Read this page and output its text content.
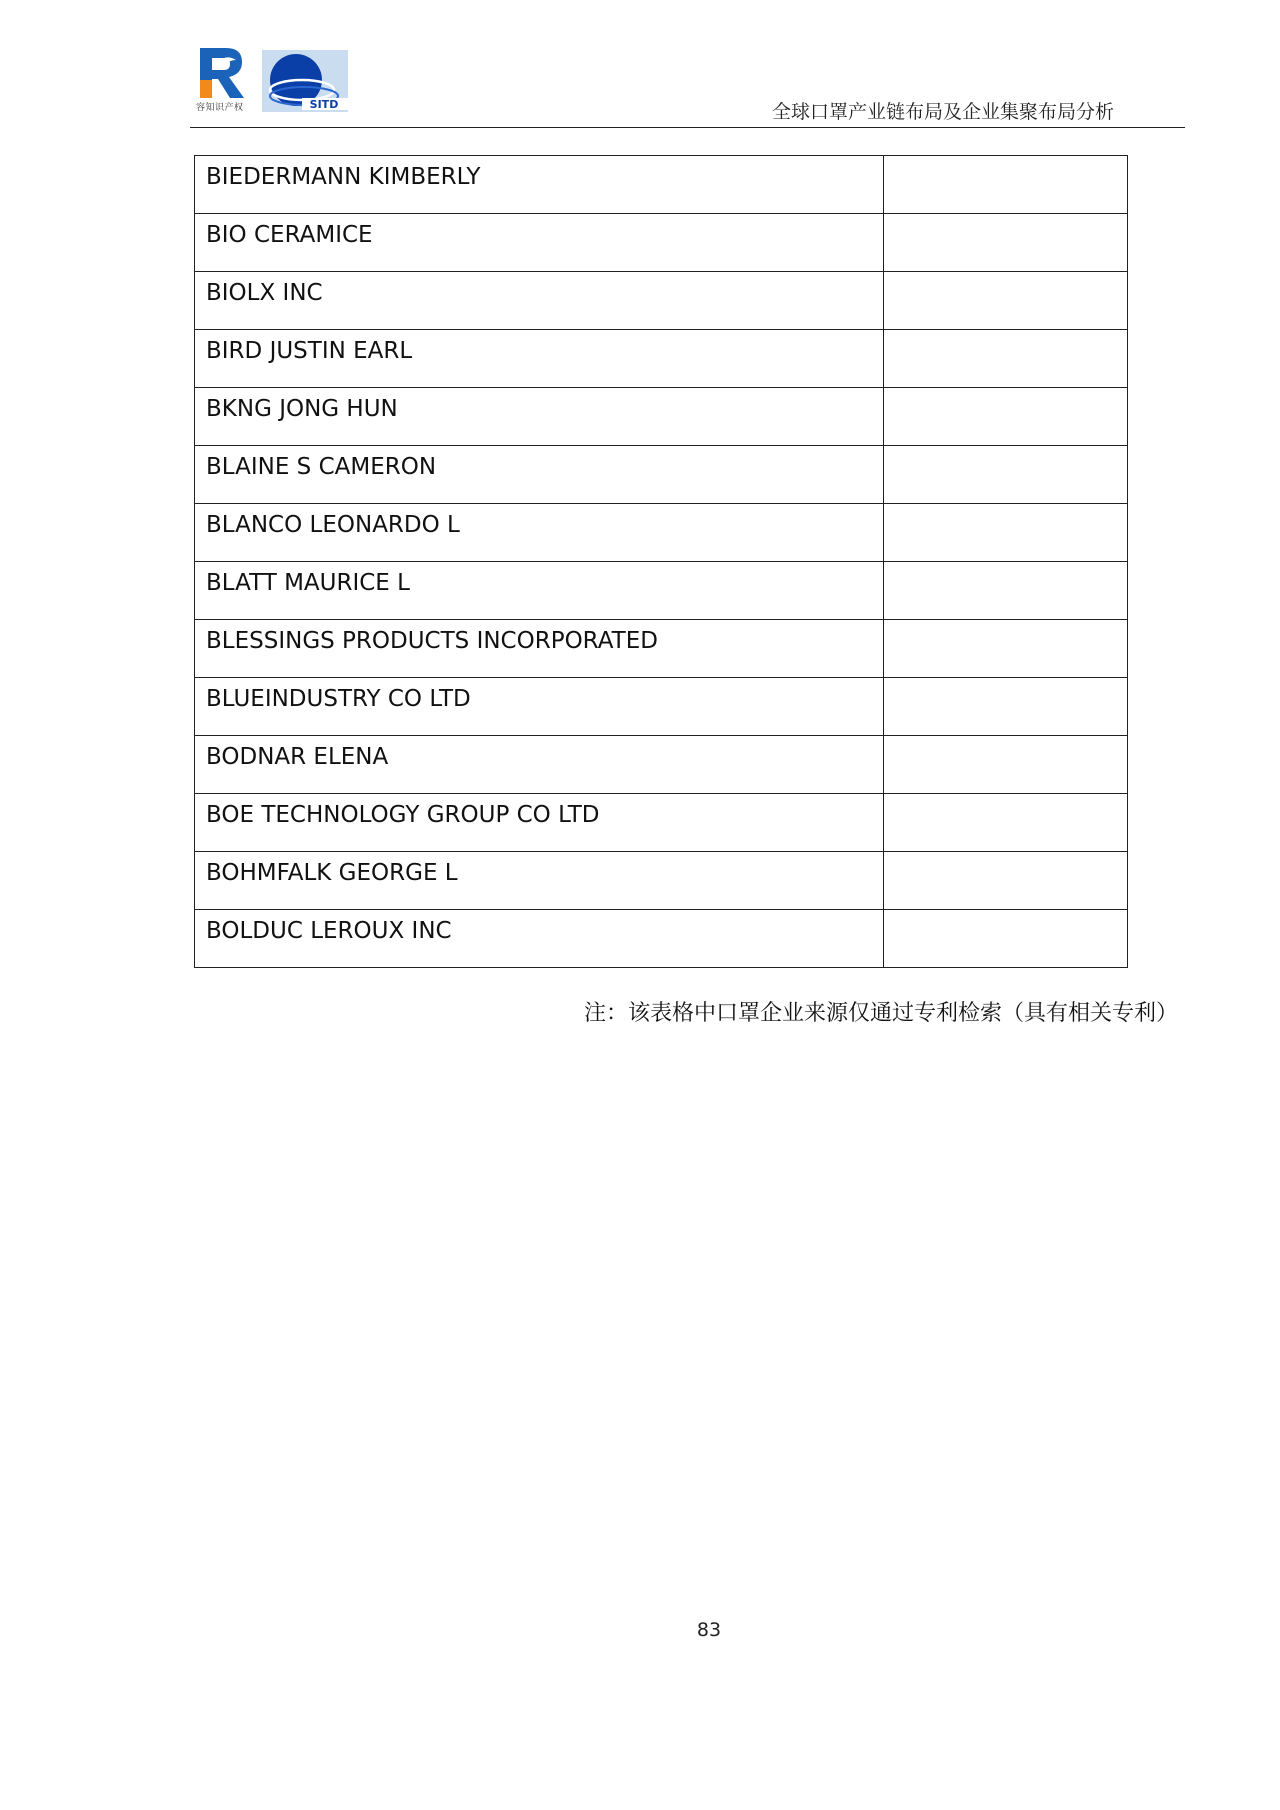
容知识产权	SITD	全球口罩产业链布局及企业集聚布局分析
BIEDERMANN KIMBERLY	
BIO CERAMICE	
BIOLX INC	
BIRD JUSTIN EARL	
BKNG JONG HUN	
BLAINE S CAMERON	
BLANCO LEONARDO L	
BLATT MAURICE L	
BLESSINGS PRODUCTS INCORPORATED	
BLUEINDUSTRY CO LTD	
BODNAR ELENA	
BOE TECHNOLOGY GROUP CO LTD	
BOHMFALK GEORGE L	
BOLDUC LEROUX INC	
注：该表格中口罩企业来源仅通过专利检索（具有相关专利）
83
